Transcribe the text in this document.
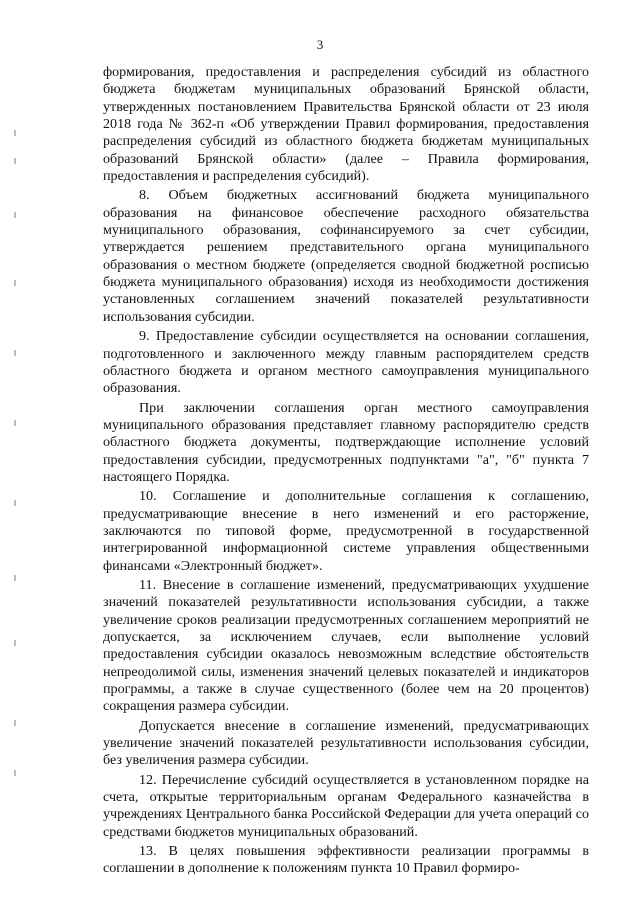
3

формирования, предоставления и распределения субсидий из областного бюджета бюджетам муниципальных образований Брянской области, утвержденных постановлением Правительства Брянской области от 23 июля 2018 года № 362-п «Об утверждении Правил формирования, предоставления распределения субсидий из областного бюджета бюджетам муниципальных образований Брянской области» (далее – Правила формирования, предоставления и распределения субсидий).

8. Объем бюджетных ассигнований бюджета муниципального образования на финансовое обеспечение расходного обязательства муниципального образования, софинансируемого за счет субсидии, утверждается решением представительного органа муниципального образования о местном бюджете (определяется сводной бюджетной росписью бюджета муниципального образования) исходя из необходимости достижения установленных соглашением значений показателей результативности использования субсидии.

9. Предоставление субсидии осуществляется на основании соглашения, подготовленного и заключенного между главным распорядителем средств областного бюджета и органом местного самоуправления муниципального образования.

При заключении соглашения орган местного самоуправления муниципального образования представляет главному распорядителю средств областного бюджета документы, подтверждающие исполнение условий предоставления субсидии, предусмотренных подпунктами "а", "б" пункта 7 настоящего Порядка.

10. Соглашение и дополнительные соглашения к соглашению, предусматривающие внесение в него изменений и его расторжение, заключаются по типовой форме, предусмотренной в государственной интегрированной информационной системе управления общественными финансами «Электронный бюджет».

11. Внесение в соглашение изменений, предусматривающих ухудшение значений показателей результативности использования субсидии, а также увеличение сроков реализации предусмотренных соглашением мероприятий не допускается, за исключением случаев, если выполнение условий предоставления субсидии оказалось невозможным вследствие обстоятельств непреодолимой силы, изменения значений целевых показателей и индикаторов программы, а также в случае существенного (более чем на 20 процентов) сокращения размера субсидии.

Допускается внесение в соглашение изменений, предусматривающих увеличение значений показателей результативности использования субсидии, без увеличения размера субсидии.

12. Перечисление субсидий осуществляется в установленном порядке на счета, открытые территориальным органам Федерального казначейства в учреждениях Центрального банка Российской Федерации для учета операций со средствами бюджетов муниципальных образований.

13. В целях повышения эффективности реализации программы в соглашении в дополнение к положениям пункта 10 Правил формиро-
